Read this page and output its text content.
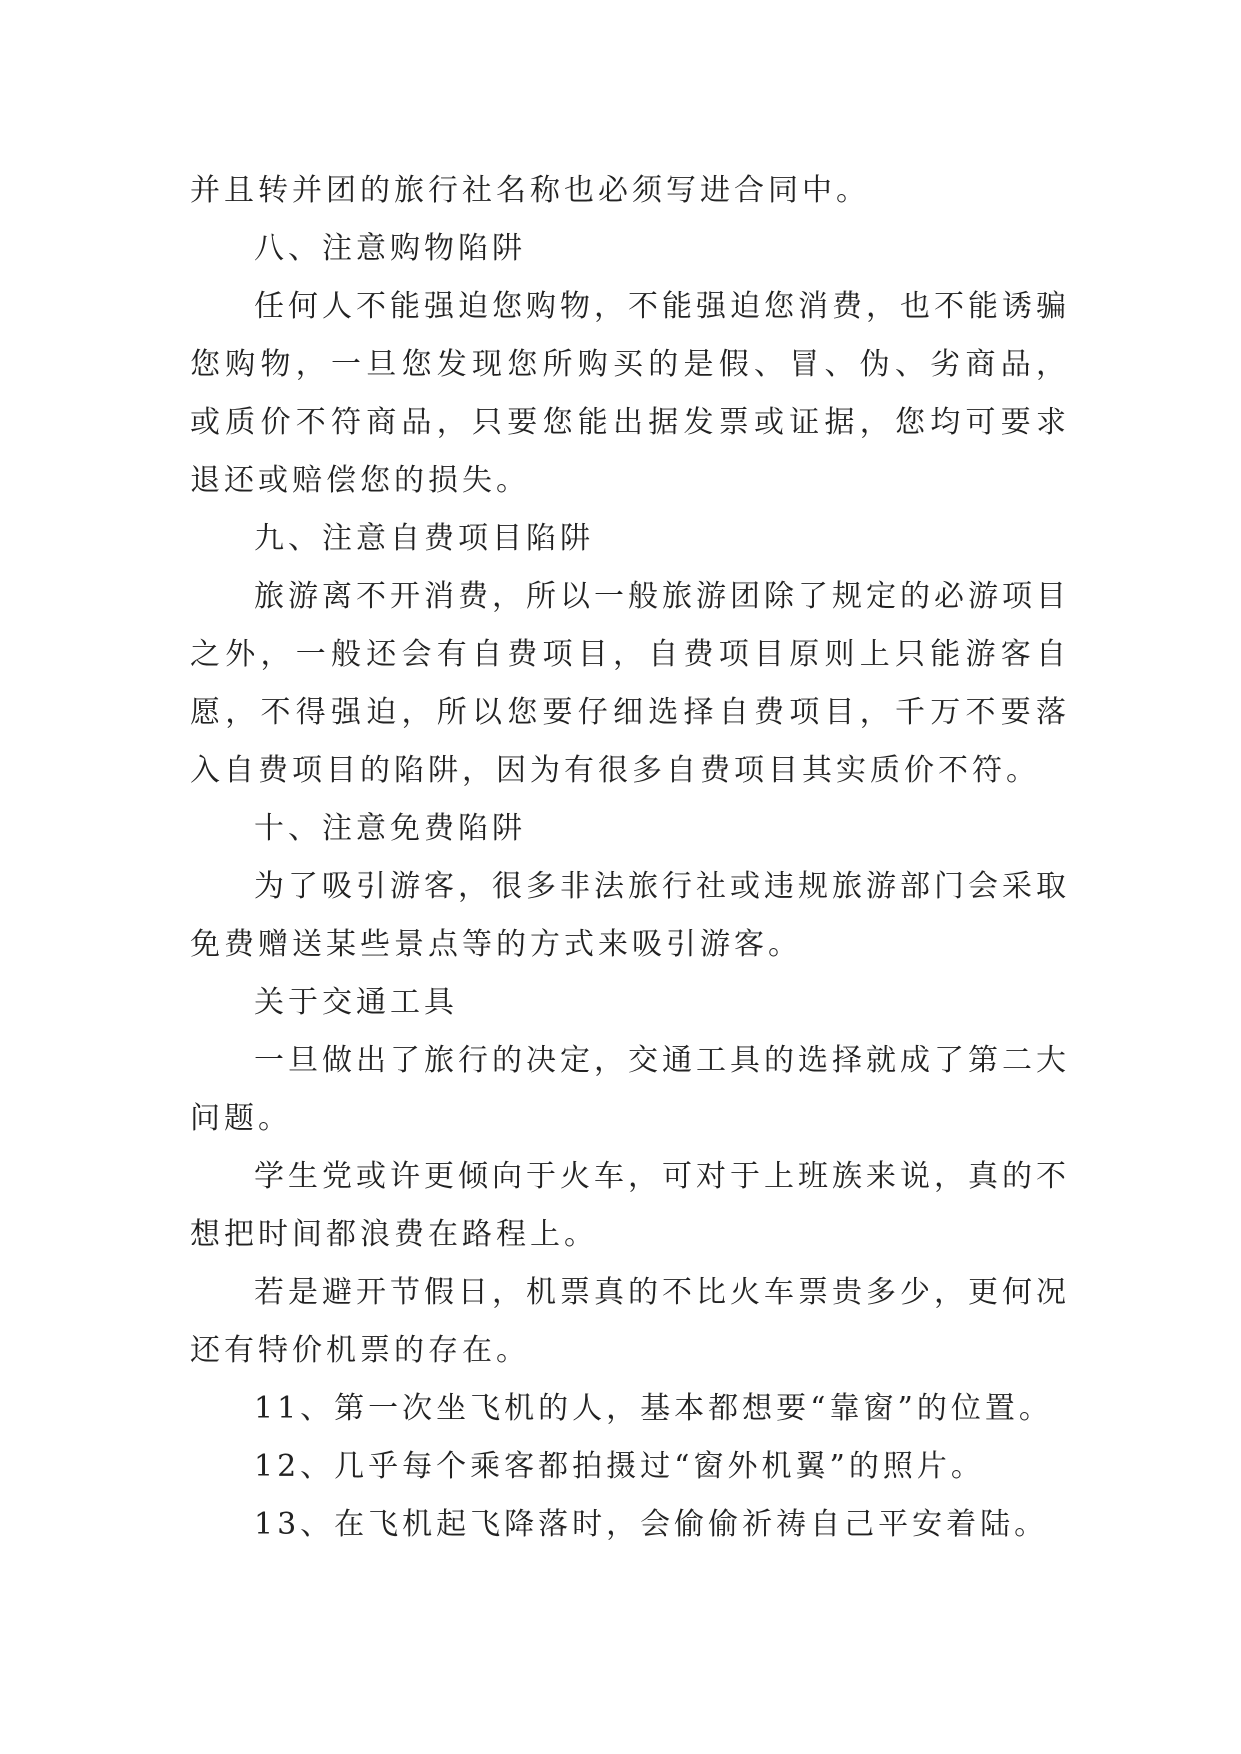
并且转并团的旅行社名称也必须写进合同中。

八、注意购物陷阱

任何人不能强迫您购物，不能强迫您消费，也不能诱骗您购物，一旦您发现您所购买的是假、冒、伪、劣商品，或质价不符商品，只要您能出据发票或证据，您均可要求退还或赔偿您的损失。

九、注意自费项目陷阱

旅游离不开消费，所以一般旅游团除了规定的必游项目之外，一般还会有自费项目，自费项目原则上只能游客自愿，不得强迫，所以您要仔细选择自费项目，千万不要落入自费项目的陷阱，因为有很多自费项目其实质价不符。

十、注意免费陷阱

为了吸引游客，很多非法旅行社或违规旅游部门会采取免费赠送某些景点等的方式来吸引游客。

关于交通工具

一旦做出了旅行的决定，交通工具的选择就成了第二大问题。

学生党或许更倾向于火车，可对于上班族来说，真的不想把时间都浪费在路程上。

若是避开节假日，机票真的不比火车票贵多少，更何况还有特价机票的存在。

11、第一次坐飞机的人，基本都想要“靠窗”的位置。

12、几乎每个乘客都拍摄过“窗外机翼”的照片。

13、在飞机起飞降落时，会偷偷祈祷自己平安着陆。
